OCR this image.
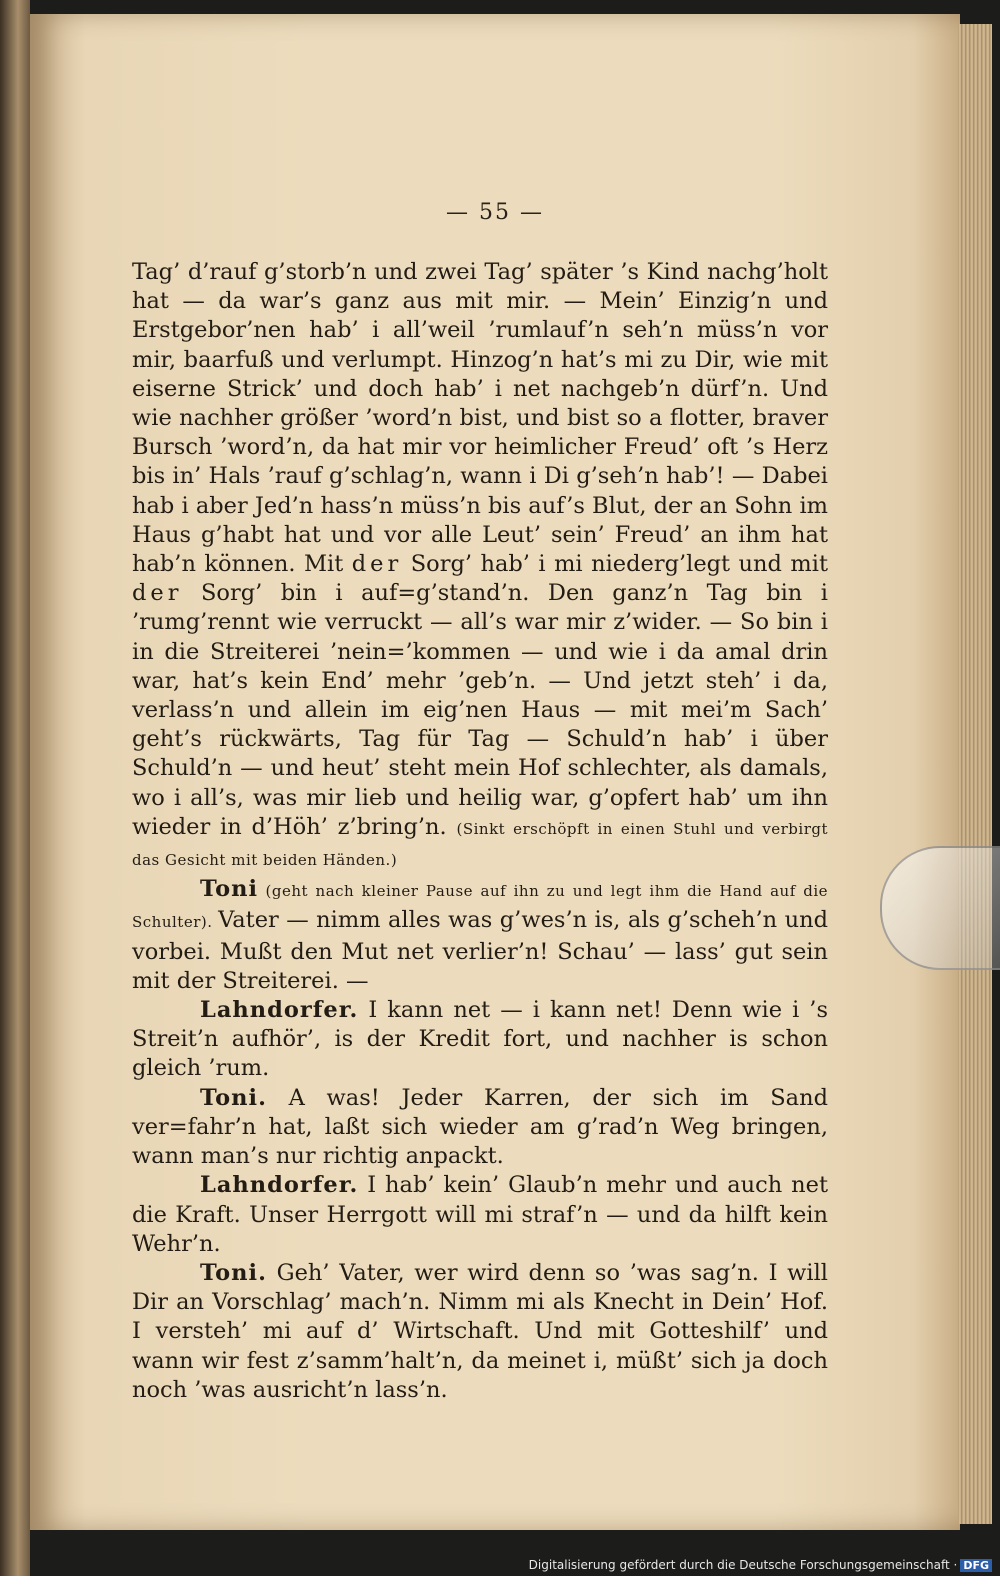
— 55 —

Tag’ d’rauf g’storb’n und zwei Tag’ später ’s Kind nachg’holt hat — da war’s ganz aus mit mir. — Mein’ Einzig’n und Erstgebor’nen hab’ i all’weil ’rumlauf’n seh’n müss’n vor mir, baarfuß und verlumpt. Hinzog’n hat’s mi zu Dir, wie mit eiserne Strick’ und doch hab’ i net nachgeb’n dürf’n. Und wie nachher größer ’word’n bist, und bist so a flotter, braver Bursch ’word’n, da hat mir vor heimlicher Freud’ oft ’s Herz bis in’ Hals ’rauf g’schlag’n, wann i Di g’seh’n hab’! — Dabei hab i aber Jed’n hass’n müss’n bis auf’s Blut, der an Sohn im Haus g’habt hat und vor alle Leut’ sein’ Freud’ an ihm hat hab’n können. Mit der Sorg’ hab’ i mi niederg’legt und mit der Sorg’ bin i auf=g’stand’n. Den ganz’n Tag bin i ’rumg’rennt wie verruckt — all’s war mir z’wider. — So bin i in die Streiterei ’nein=’kommen — und wie i da amal drin war, hat’s kein End’ mehr ’geb’n. — Und jetzt steh’ i da, verlass’n und allein im eig’nen Haus — mit mei’m Sach’ geht’s rückwärts, Tag für Tag — Schuld’n hab’ i über Schuld’n — und heut’ steht mein Hof schlechter, als damals, wo i all’s, was mir lieb und heilig war, g’opfert hab’ um ihn wieder in d’Höh’ z’bring’n. (Sinkt erschöpft in einen Stuhl und verbirgt das Gesicht mit beiden Händen.)

Toni (geht nach kleiner Pause auf ihn zu und legt ihm die Hand auf die Schulter). Vater — nimm alles was g’wes’n is, als g’scheh’n und vorbei. Mußt den Mut net verlier’n! Schau’ — lass’ gut sein mit der Streiterei. —

Lahndorfer. I kann net — i kann net! Denn wie i ’s Streit’n aufhör’, is der Kredit fort, und nachher is schon gleich ’rum.

Toni. A was! Jeder Karren, der sich im Sand ver=fahr’n hat, laßt sich wieder am g’rad’n Weg bringen, wann man’s nur richtig anpackt.

Lahndorfer. I hab’ kein’ Glaub’n mehr und auch net die Kraft. Unser Herrgott will mi straf’n — und da hilft kein Wehr’n.

Toni. Geh’ Vater, wer wird denn so ’was sag’n. I will Dir an Vorschlag’ mach’n. Nimm mi als Knecht in Dein’ Hof. I versteh’ mi auf d’ Wirtschaft. Und mit Gotteshilf’ und wann wir fest z’samm’halt’n, da meinet i, müßt’ sich ja doch noch ’was ausricht’n lass’n.

Digitalisierung gefördert durch die Deutsche Forschungsgemeinschaft · DFG
